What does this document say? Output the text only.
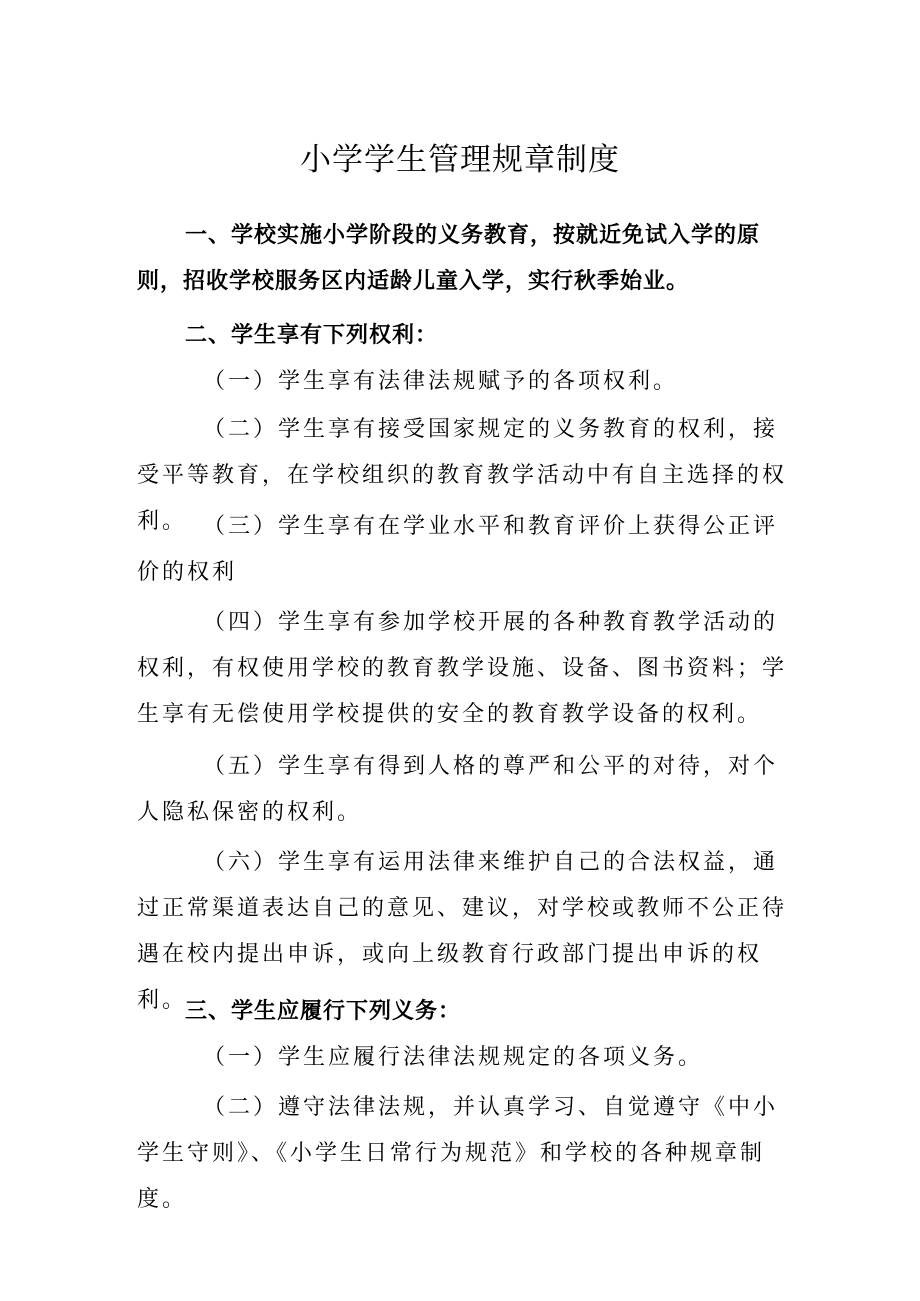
小学学生管理规章制度

一、学校实施小学阶段的义务教育，按就近免试入学的原则，招收学校服务区内适龄儿童入学，实行秋季始业。

二、学生享有下列权利：

（一）学生享有法律法规赋予的各项权利。

（二）学生享有接受国家规定的义务教育的权利，接受平等教育，在学校组织的教育教学活动中有自主选择的权利。 （三）学生享有在学业水平和教育评价上获得公正评价的权利

（四）学生享有参加学校开展的各种教育教学活动的权利，有权使用学校的教育教学设施、设备、图书资料；学生享有无偿使用学校提供的安全的教育教学设备的权利。

（五）学生享有得到人格的尊严和公平的对待，对个人隐私保密的权利。

（六）学生享有运用法律来维护自己的合法权益，通过正常渠道表达自己的意见、建议，对学校或教师不公正待遇在校内提出申诉，或向上级教育行政部门提出申诉的权利。

三、学生应履行下列义务：

（一）学生应履行法律法规规定的各项义务。

（二）遵守法律法规，并认真学习、自觉遵守《中小学生守则》、《小学生日常行为规范》和学校的各种规章制度。
